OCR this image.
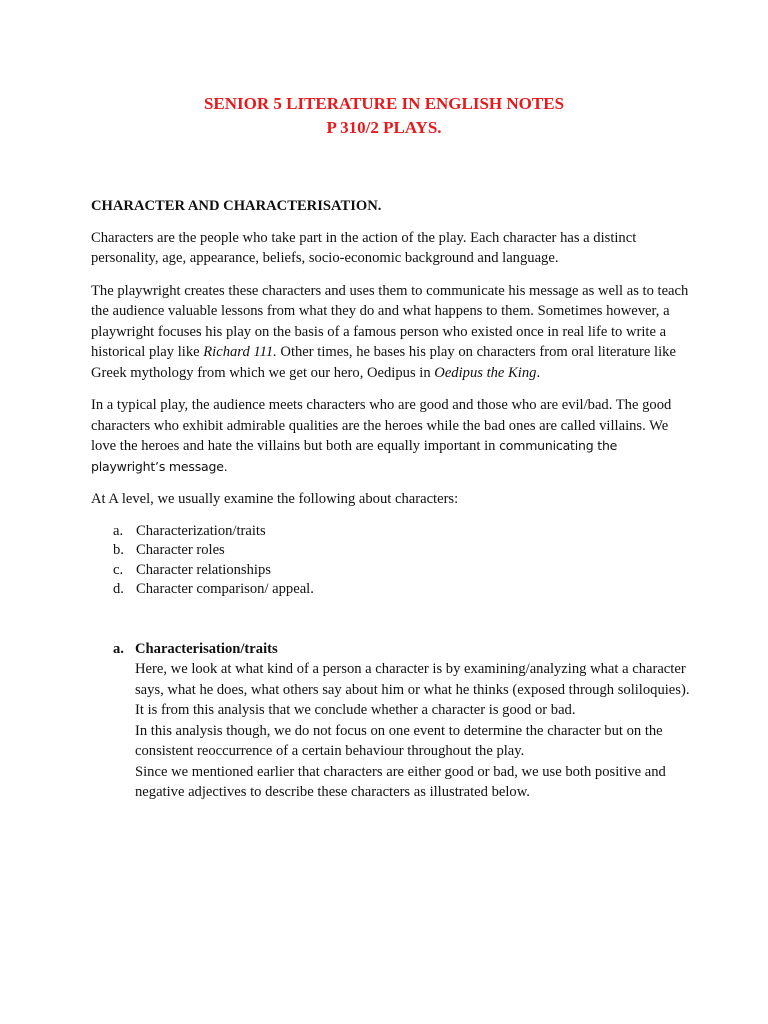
SENIOR 5 LITERATURE IN ENGLISH NOTES
P 310/2 PLAYS.
CHARACTER AND CHARACTERISATION.

Characters are the people who take part in the action of the play. Each character has a distinct personality, age, appearance, beliefs, socio-economic background and language.

The playwright creates these characters and uses them to communicate his message as well as to teach the audience valuable lessons from what they do and what happens to them. Sometimes however, a playwright focuses his play on the basis of a famous person who existed once in real life to write a historical play like Richard 111. Other times, he bases his play on characters from oral literature like Greek mythology from which we get our hero, Oedipus in Oedipus the King.

In a typical play, the audience meets characters who are good and those who are evil/bad. The good characters who exhibit admirable qualities are the heroes while the bad ones are called villains. We love the heroes and hate the villains but both are equally important in communicating the playwright’s message.

At A level, we usually examine the following about characters:

a. Characterization/traits
b. Character roles
c. Character relationships
d. Character comparison/ appeal.
a. Characterisation/traits
Here, we look at what kind of a person a character is by examining/analyzing what a character says, what he does, what others say about him or what he thinks (exposed through soliloquies). It is from this analysis that we conclude whether a character is good or bad.
In this analysis though, we do not focus on one event to determine the character but on the consistent reoccurrence of a certain behaviour throughout the play.
Since we mentioned earlier that characters are either good or bad, we use both positive and negative adjectives to describe these characters as illustrated below.
